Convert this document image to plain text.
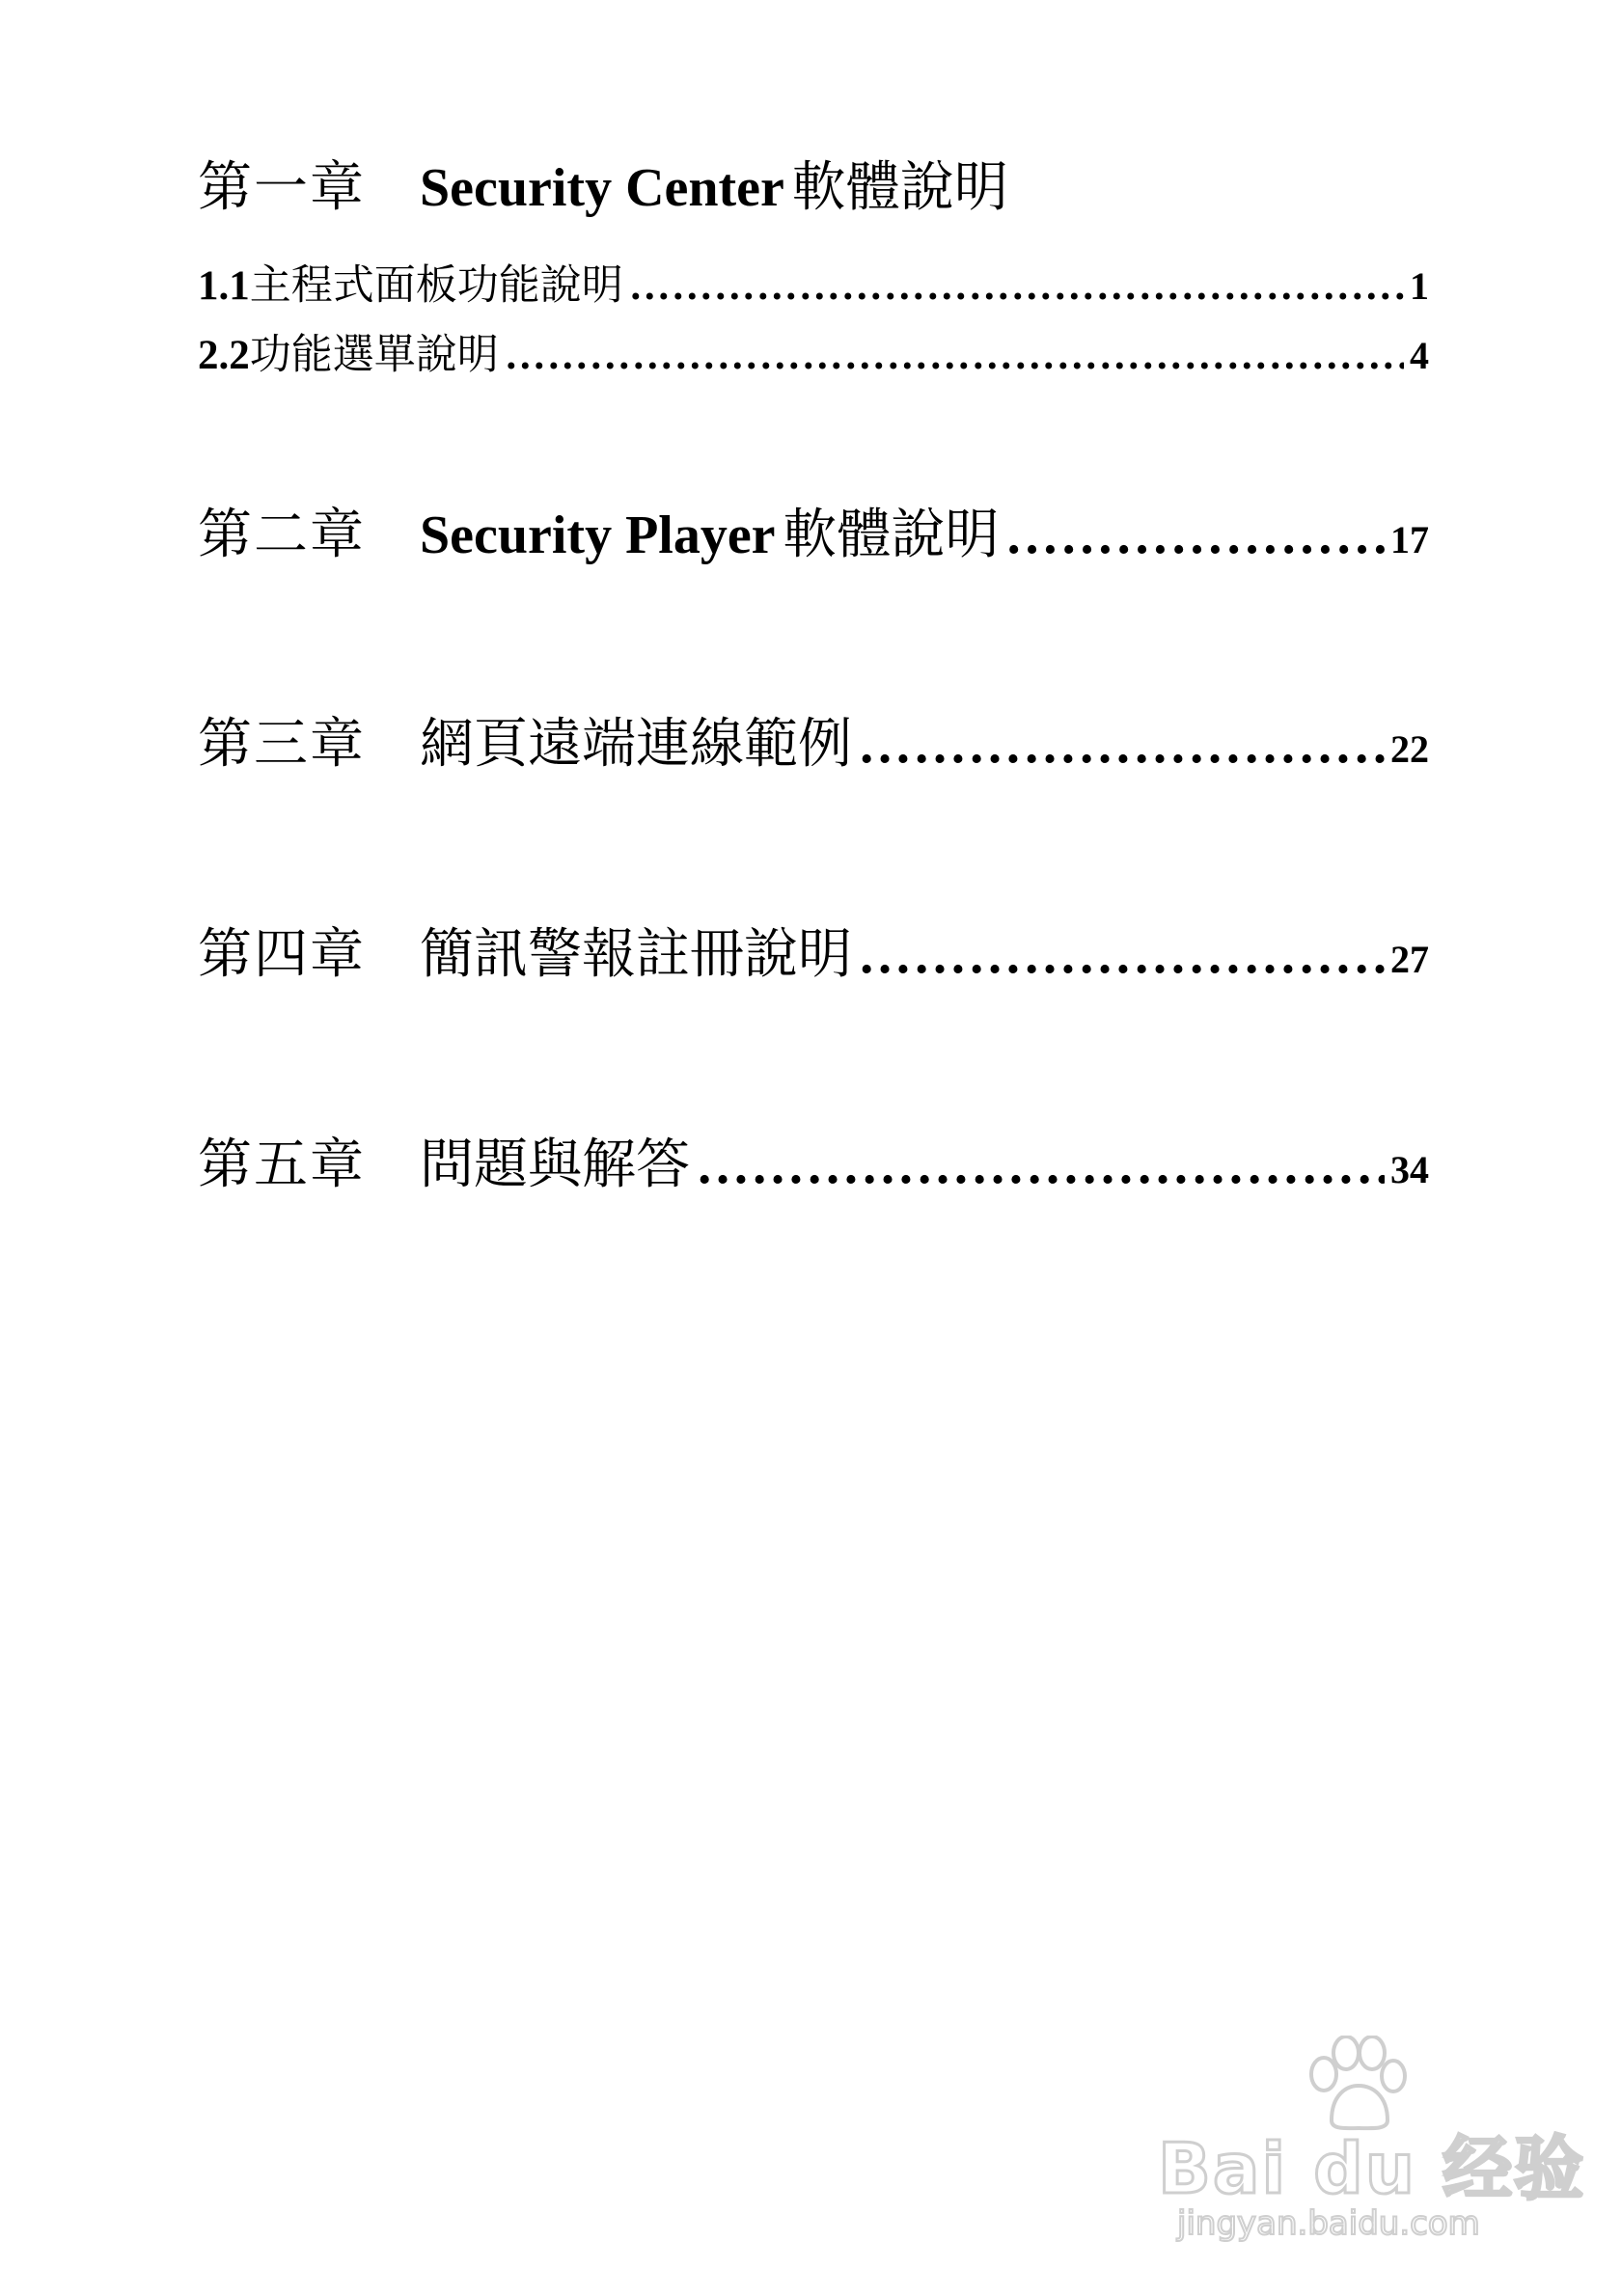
第一章 Security Center 軟體說明
1.1 主程式面板功能說明 ……………………………………………………………………………………………………………………………………………………………………………………	1
2.2 功能選單說明 ……………………………………………………………………………………………………………………………………………………………………………………	4
第二章 Security Player 軟體說明 ……………………………………………………………………………………………………………………………………………………………………………………	17
第三章 網頁遠端連線範例 ……………………………………………………………………………………………………………………………………………………………………………………	22
第四章 簡訊警報註冊說明 ……………………………………………………………………………………………………………………………………………………………………………………	27
第五章 問題與解答 ……………………………………………………………………………………………………………………………………………………………………………………	34
Bai du 经验
jingyan.baidu.com
